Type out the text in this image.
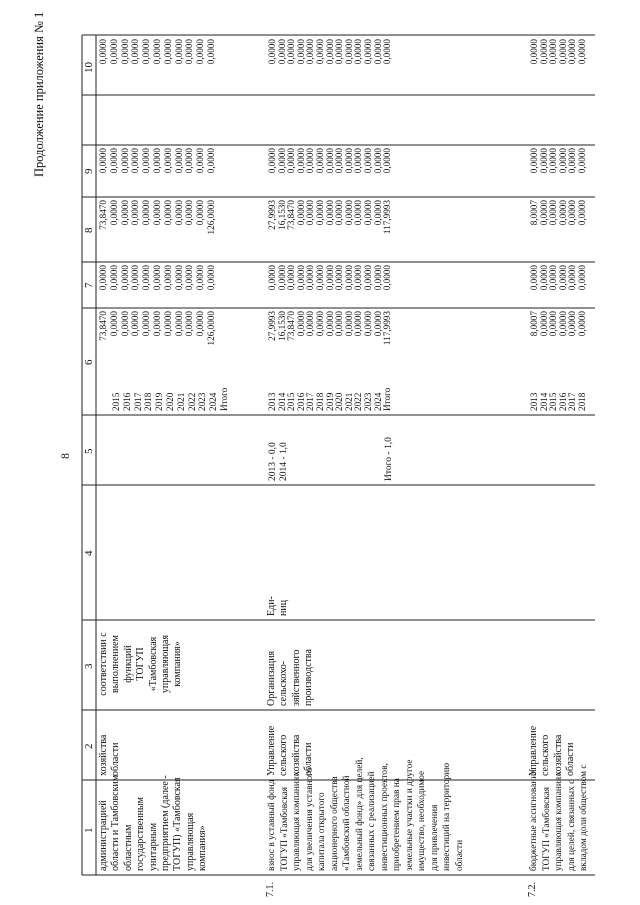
8
Продолжение приложения № 1
1
2
3
4
5
6
7
8
9
10
администрацией области и Тамбовским областным государственным унитарным предприятием (далее - ТОГУП) «Тамбовская управляющая компания»
хозяйства области
соответствии с выполнением функций ТОГУП «Тамбовская управляющая компания»
2015 2016 2017 2018 2019 2020 2021 2022 2023 2024 Итого
73,8470 0,0000 0,0000 0,0000 0,0000 0,0000 0,0000 0,0000 0,0000 0,0000 126,0000
0,0000 0,0000 0,0000 0,0000 0,0000 0,0000 0,0000 0,0000 0,0000 0,0000 0,0000
73,8470 0,0000 0,0000 0,0000 0,0000 0,0000 0,0000 0,0000 0,0000 0,0000 126,0000
0,0000 0,0000 0,0000 0,0000 0,0000 0,0000 0,0000 0,0000 0,0000 0,0000 0,0000
0,0000 0,0000 0,0000 0,0000 0,0000 0,0000 0,0000 0,0000 0,0000 0,0000 0,0000
7.1.
взнос в уставный фонд ТОГУП «Тамбовская управляющая компания» для увеличения уставного капитала открытого акционерного общества «Тамбовский областной земельный фонд» для целей, связанных с реализацией инвестиционных проектов, приобретением прав на земельные участки и другое имущество, необходимое для привлечения инвестиций на территорию области
Управление сельского хозяйства области
Организация сельскохо- зяйственного производства
Еди- ниц
2013 - 0,0 2014 - 1,0	Итого - 1,0
2013 2014 2015 2016 2017 2018 2019 2020 2021 2022 2023 2024 Итого
27,9993 16,1530 73,8470 0,0000 0,0000 0,0000 0,0000 0,0000 0,0000 0,0000 0,0000 0,0000 117,9993
0,0000 0,0000 0,0000 0,0000 0,0000 0,0000 0,0000 0,0000 0,0000 0,0000 0,0000 0,0000 0,0000
27,9993 16,1530 73,8470 0,0000 0,0000 0,0000 0,0000 0,0000 0,0000 0,0000 0,0000 0,0000 117,9993
0,0000 0,0000 0,0000 0,0000 0,0000 0,0000 0,0000 0,0000 0,0000 0,0000 0,0000 0,0000 0,0000
0,0000 0,0000 0,0000 0,0000 0,0000 0,0000 0,0000 0,0000 0,0000 0,0000 0,0000 0,0000 0,0000
7.2.
бюджетные ассигнования ТОГУП «Тамбовская управляющая компания» для целей, связанных с вкладом доли обществом с
Управление сельского хозяйства области
2013 2014 2015 2016 2017 2018
8,0007 0,0000 0,0000 0,0000 0,0000 0,0000
0,0000 0,0000 0,0000 0,0000 0,0000 0,0000
8,0007 0,0000 0,0000 0,0000 0,0000 0,0000
0,0000 0,0000 0,0000 0,0000 0,0000 0,0000
0,0000 0,0000 0,0000 0,0000 0,0000 0,0000
